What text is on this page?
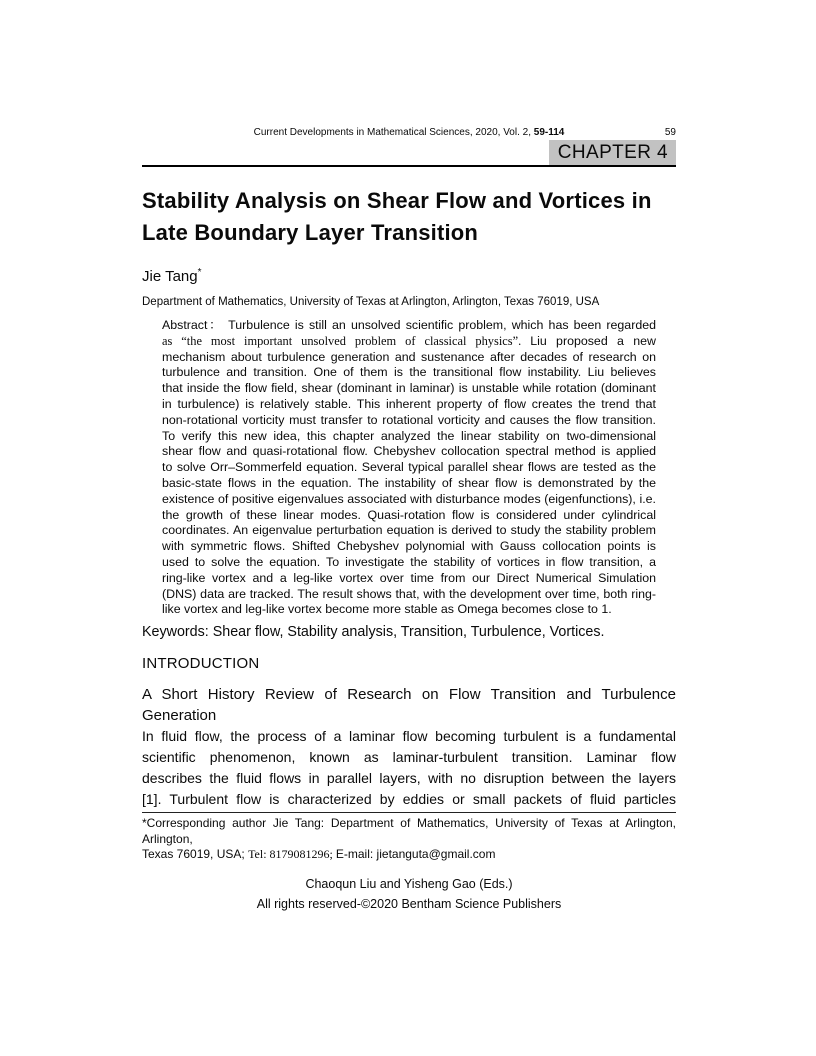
Current Developments in Mathematical Sciences, 2020, Vol. 2, 59-114	59
CHAPTER 4
Stability Analysis on Shear Flow and Vortices in Late Boundary Layer Transition
Jie Tang*
Department of Mathematics, University of Texas at Arlington, Arlington, Texas 76019, USA
Abstract： Turbulence is still an unsolved scientific problem, which has been regarded
as “the most important unsolved problem of classical physics”. Liu proposed a new
mechanism about turbulence generation and sustenance after decades of research on
turbulence and transition. One of them is the transitional flow instability. Liu believes
that inside the flow field, shear (dominant in laminar) is unstable while rotation (dominant
in turbulence) is relatively stable. This inherent property of flow creates the trend that
non-rotational vorticity must transfer to rotational vorticity and causes the flow transition.
To verify this new idea, this chapter analyzed the linear stability on two-dimensional
shear flow and quasi-rotational flow. Chebyshev collocation spectral method is applied
to solve Orr–Sommerfeld equation. Several typical parallel shear flows are tested as the
basic-state flows in the equation. The instability of shear flow is demonstrated by the
existence of positive eigenvalues associated with disturbance modes (eigenfunctions), i.e.
the growth of these linear modes. Quasi-rotation flow is considered under cylindrical
coordinates. An eigenvalue perturbation equation is derived to study the stability problem
with symmetric flows. Shifted Chebyshev polynomial with Gauss collocation points is
used to solve the equation. To investigate the stability of vortices in flow transition, a
ring-like vortex and a leg-like vortex over time from our Direct Numerical Simulation
(DNS) data are tracked. The result shows that, with the development over time, both ring-
like vortex and leg-like vortex become more stable as Omega becomes close to 1.
Keywords: Shear flow, Stability analysis, Transition, Turbulence, Vortices.
INTRODUCTION
A Short History Review of Research on Flow Transition and Turbulence
Generation
In fluid flow, the process of a laminar flow becoming turbulent is a fundamental
scientific phenomenon, known as laminar-turbulent transition. Laminar flow
describes the fluid flows in parallel layers, with no disruption between the layers
[1]. Turbulent flow is characterized by eddies or small packets of fluid particles
*Corresponding author Jie Tang: Department of Mathematics, University of Texas at Arlington, Arlington,
Texas 76019, USA; Tel: 8179081296; E-mail: jietanguta@gmail.com
Chaoqun Liu and Yisheng Gao (Eds.)
All rights reserved-©2020 Bentham Science Publishers
